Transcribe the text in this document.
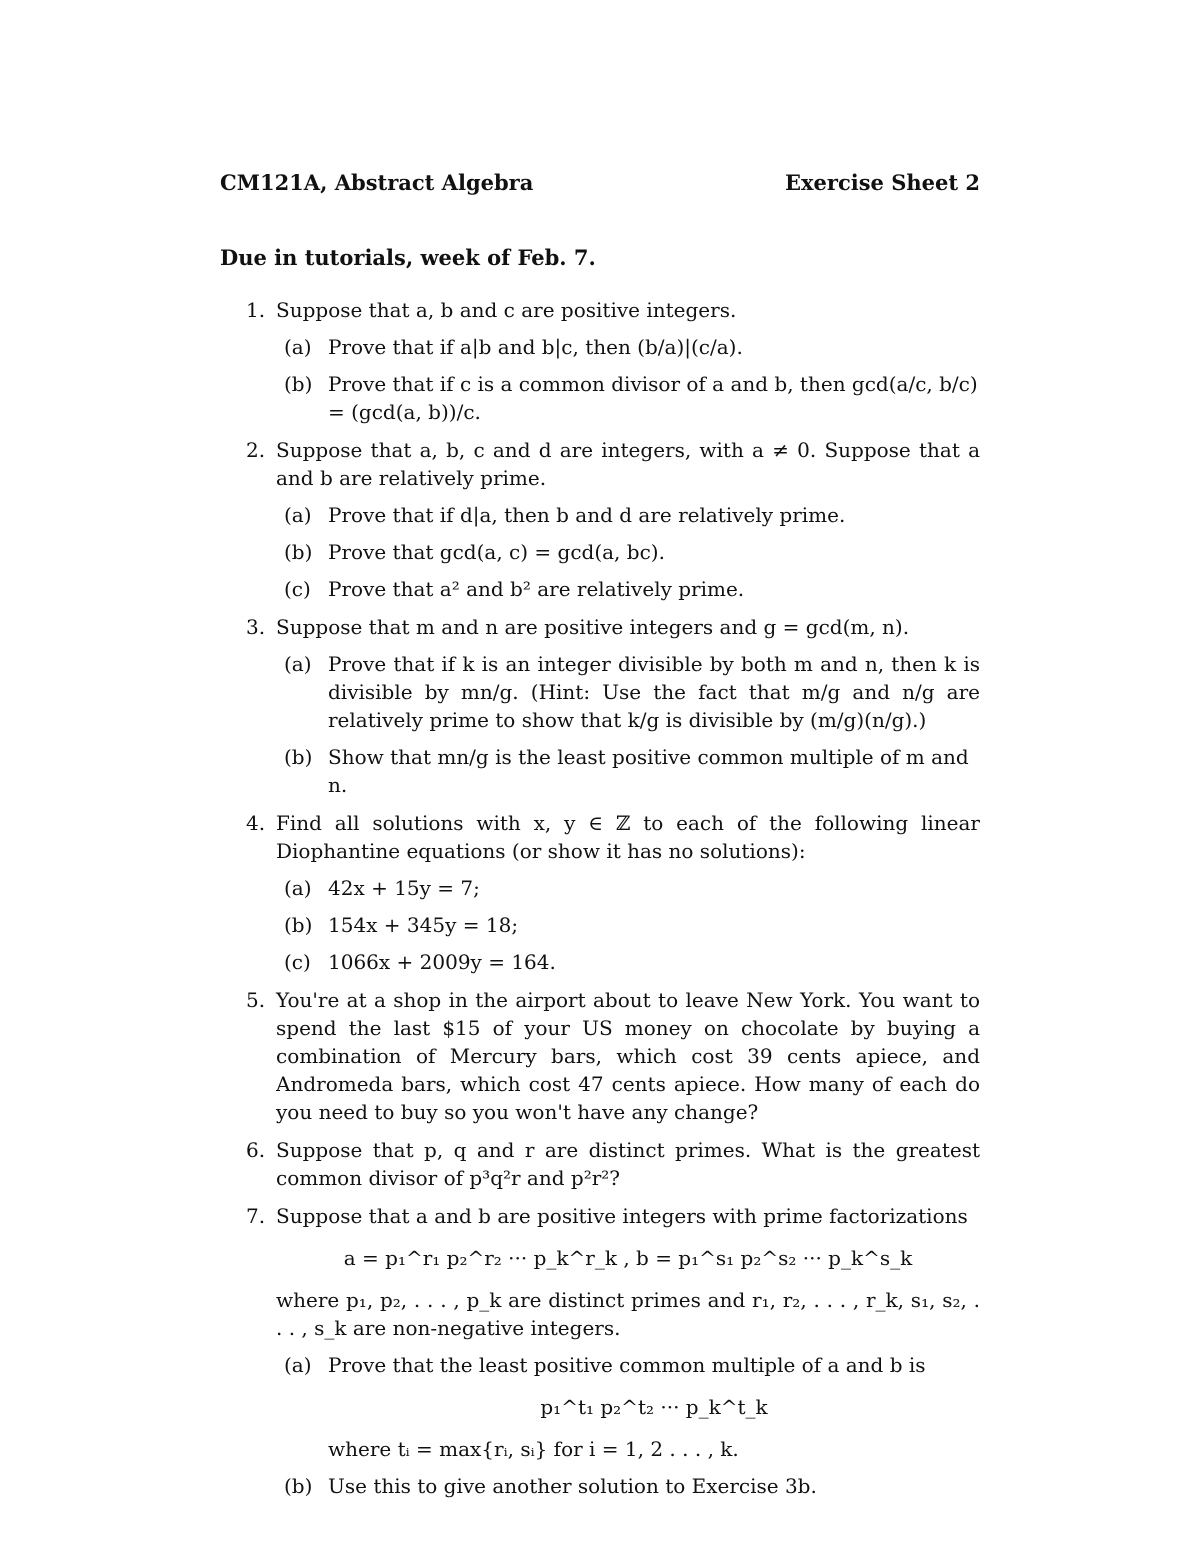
CM121A, Abstract Algebra	Exercise Sheet 2
Due in tutorials, week of Feb. 7.
1. Suppose that a, b and c are positive integers.
(a) Prove that if a|b and b|c, then (b/a)|(c/a).
(b) Prove that if c is a common divisor of a and b, then gcd(a/c, b/c) = (gcd(a, b))/c.
2. Suppose that a, b, c and d are integers, with a ≠ 0. Suppose that a and b are relatively prime.
(a) Prove that if d|a, then b and d are relatively prime.
(b) Prove that gcd(a, c) = gcd(a, bc).
(c) Prove that a² and b² are relatively prime.
3. Suppose that m and n are positive integers and g = gcd(m, n).
(a) Prove that if k is an integer divisible by both m and n, then k is divisible by mn/g. (Hint: Use the fact that m/g and n/g are relatively prime to show that k/g is divisible by (m/g)(n/g).)
(b) Show that mn/g is the least positive common multiple of m and n.
4. Find all solutions with x, y ∈ ℤ to each of the following linear Diophantine equations (or show it has no solutions):
(a) 42x + 15y = 7;
(b) 154x + 345y = 18;
(c) 1066x + 2009y = 164.
5. You're at a shop in the airport about to leave New York. You want to spend the last $15 of your US money on chocolate by buying a combination of Mercury bars, which cost 39 cents apiece, and Andromeda bars, which cost 47 cents apiece. How many of each do you need to buy so you won't have any change?
6. Suppose that p, q and r are distinct primes. What is the greatest common divisor of p³q²r and p²r²?
7. Suppose that a and b are positive integers with prime factorizations
a = p₁^r₁ p₂^r₂ ··· p_k^r_k , b = p₁^s₁ p₂^s₂ ··· p_k^s_k
where p₁, p₂, . . . , p_k are distinct primes and r₁, r₂, . . . , r_k, s₁, s₂, . . . , s_k are non-negative integers.
(a) Prove that the least positive common multiple of a and b is
p₁^t₁ p₂^t₂ ··· p_k^t_k
where tᵢ = max{rᵢ, sᵢ} for i = 1, 2 . . . , k.
(b) Use this to give another solution to Exercise 3b.
